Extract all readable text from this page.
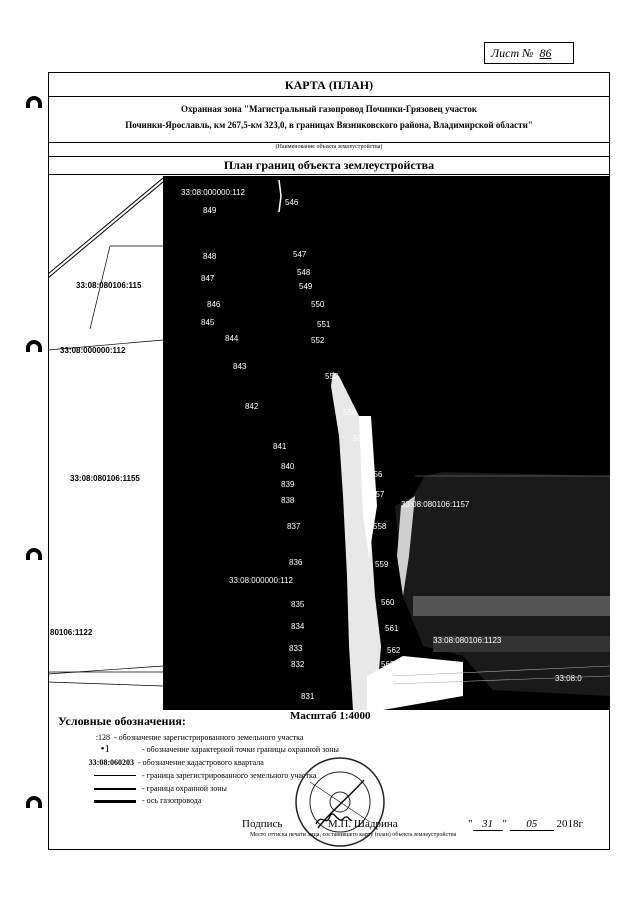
Лист № 86
КАРТА (ПЛАН)
Охранная зона "Магистральный газопровод Починки-Грязовец участок
Починки-Ярославль, км 267,5-км 323,0, в границах Вязниковского района, Владимирской области"
(Наименование объекта землеустройства)
План границ объекта землеустройства
33:08:080106:115
33:08:000000:112
33:08:080106:1155
80106:1122
33:08:000000:112
33:08:080106:1157
33:08:000000:112
33:08:080106:1123
33:08:0
849
848
847
846
845
844
843
842
841
840
839
838
837
836
835
834
833
832
831
546
547
548
549
550
551
552
553
554
555
556
557
558
559
560
561
562
563
564
Масштаб 1:4000
Условные обозначения:
:128 - обозначение зарегистрированного земельного участка
•1	- обозначение характерной точки границы охранной зоны
33:08:060203 - обозначение кадастрового квартала
- граница зарегистрированного земельного участка
- граница охранной зоны
- ось газопровода
Подпись	М.П. Шадрина	" 31 " 05 2018г
Место оттиска печати лица, составившего карту (план) объекта землеустройства
